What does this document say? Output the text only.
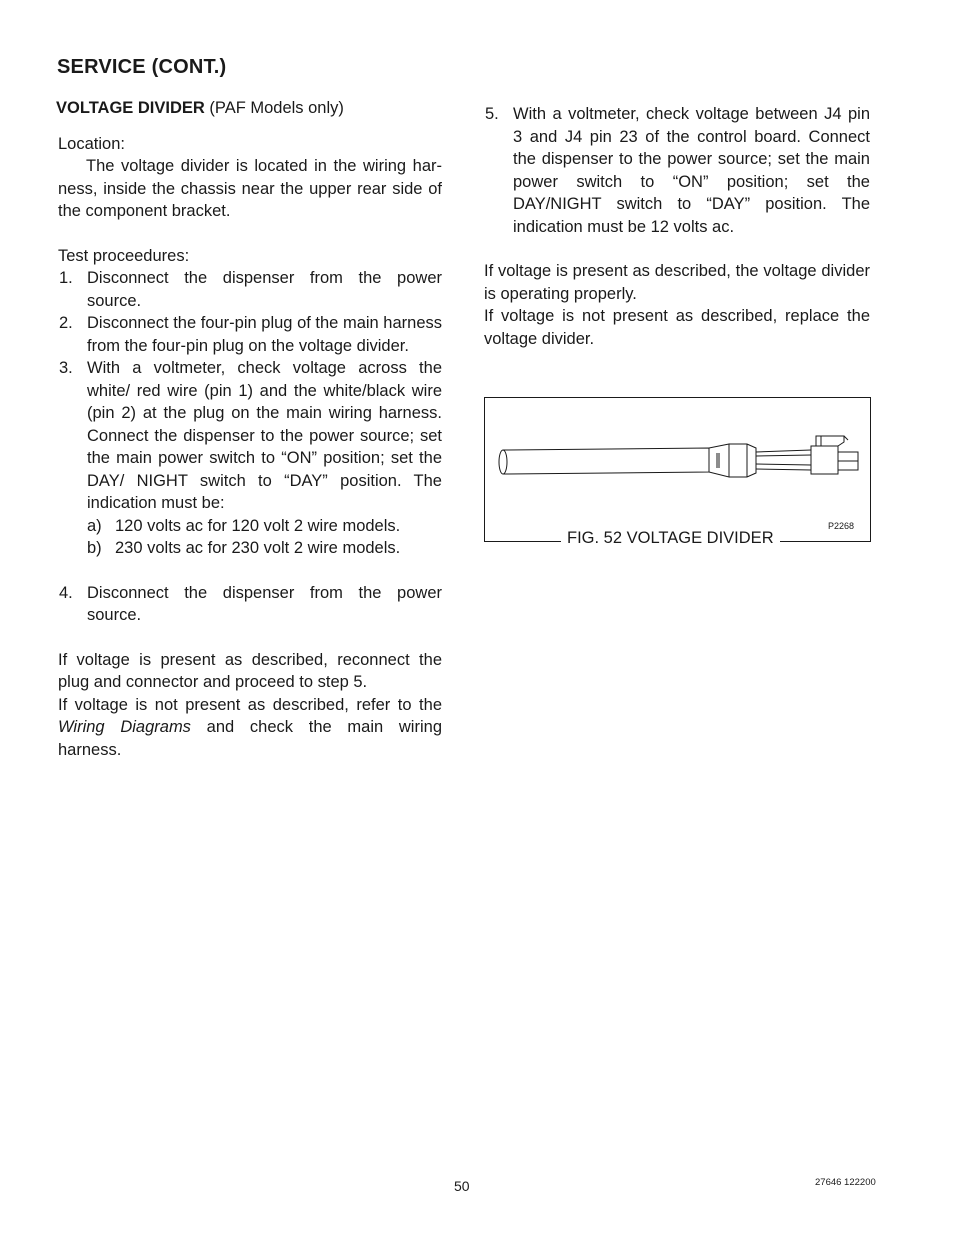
SERVICE (CONT.)

VOLTAGE DIVIDER (PAF Models only)

Location:

The voltage divider is located in the wiring har- ness, inside the chassis near the upper rear side of the component bracket.

Test proceedures:

1. Disconnect the dispenser from the power source.
2. Disconnect the four-pin plug of the main harness from the four-pin plug on the voltage divider.
3. With a voltmeter, check voltage across the white/ red wire (pin 1) and the white/black wire (pin 2) at the plug on the main wiring harness. Connect the dispenser to the power source; set the main power switch to “ON” position; set the DAY/ NIGHT switch to “DAY” position. The indication must be:
a) 120 volts ac for 120 volt 2 wire models.
b) 230 volts ac for 230 volt 2 wire models.
4. Disconnect the dispenser from the power source.

If voltage is present as described, reconnect the plug and connector and proceed to step 5.

If voltage is not present as described, refer to the Wiring Diagrams and check the main wiring harness.

5. With a voltmeter, check voltage between J4 pin 3 and J4 pin 23 of the control board. Connect the dispenser to the power source; set the main power switch to “ON” position; set the DAY/NIGHT switch to “DAY” position. The indication must be 12 volts ac.

If voltage is present as described, the voltage divider is operating properly.

If voltage is not present as described, replace the voltage divider.

FIG. 52 VOLTAGE DIVIDER
P2268
50	27646 122200
